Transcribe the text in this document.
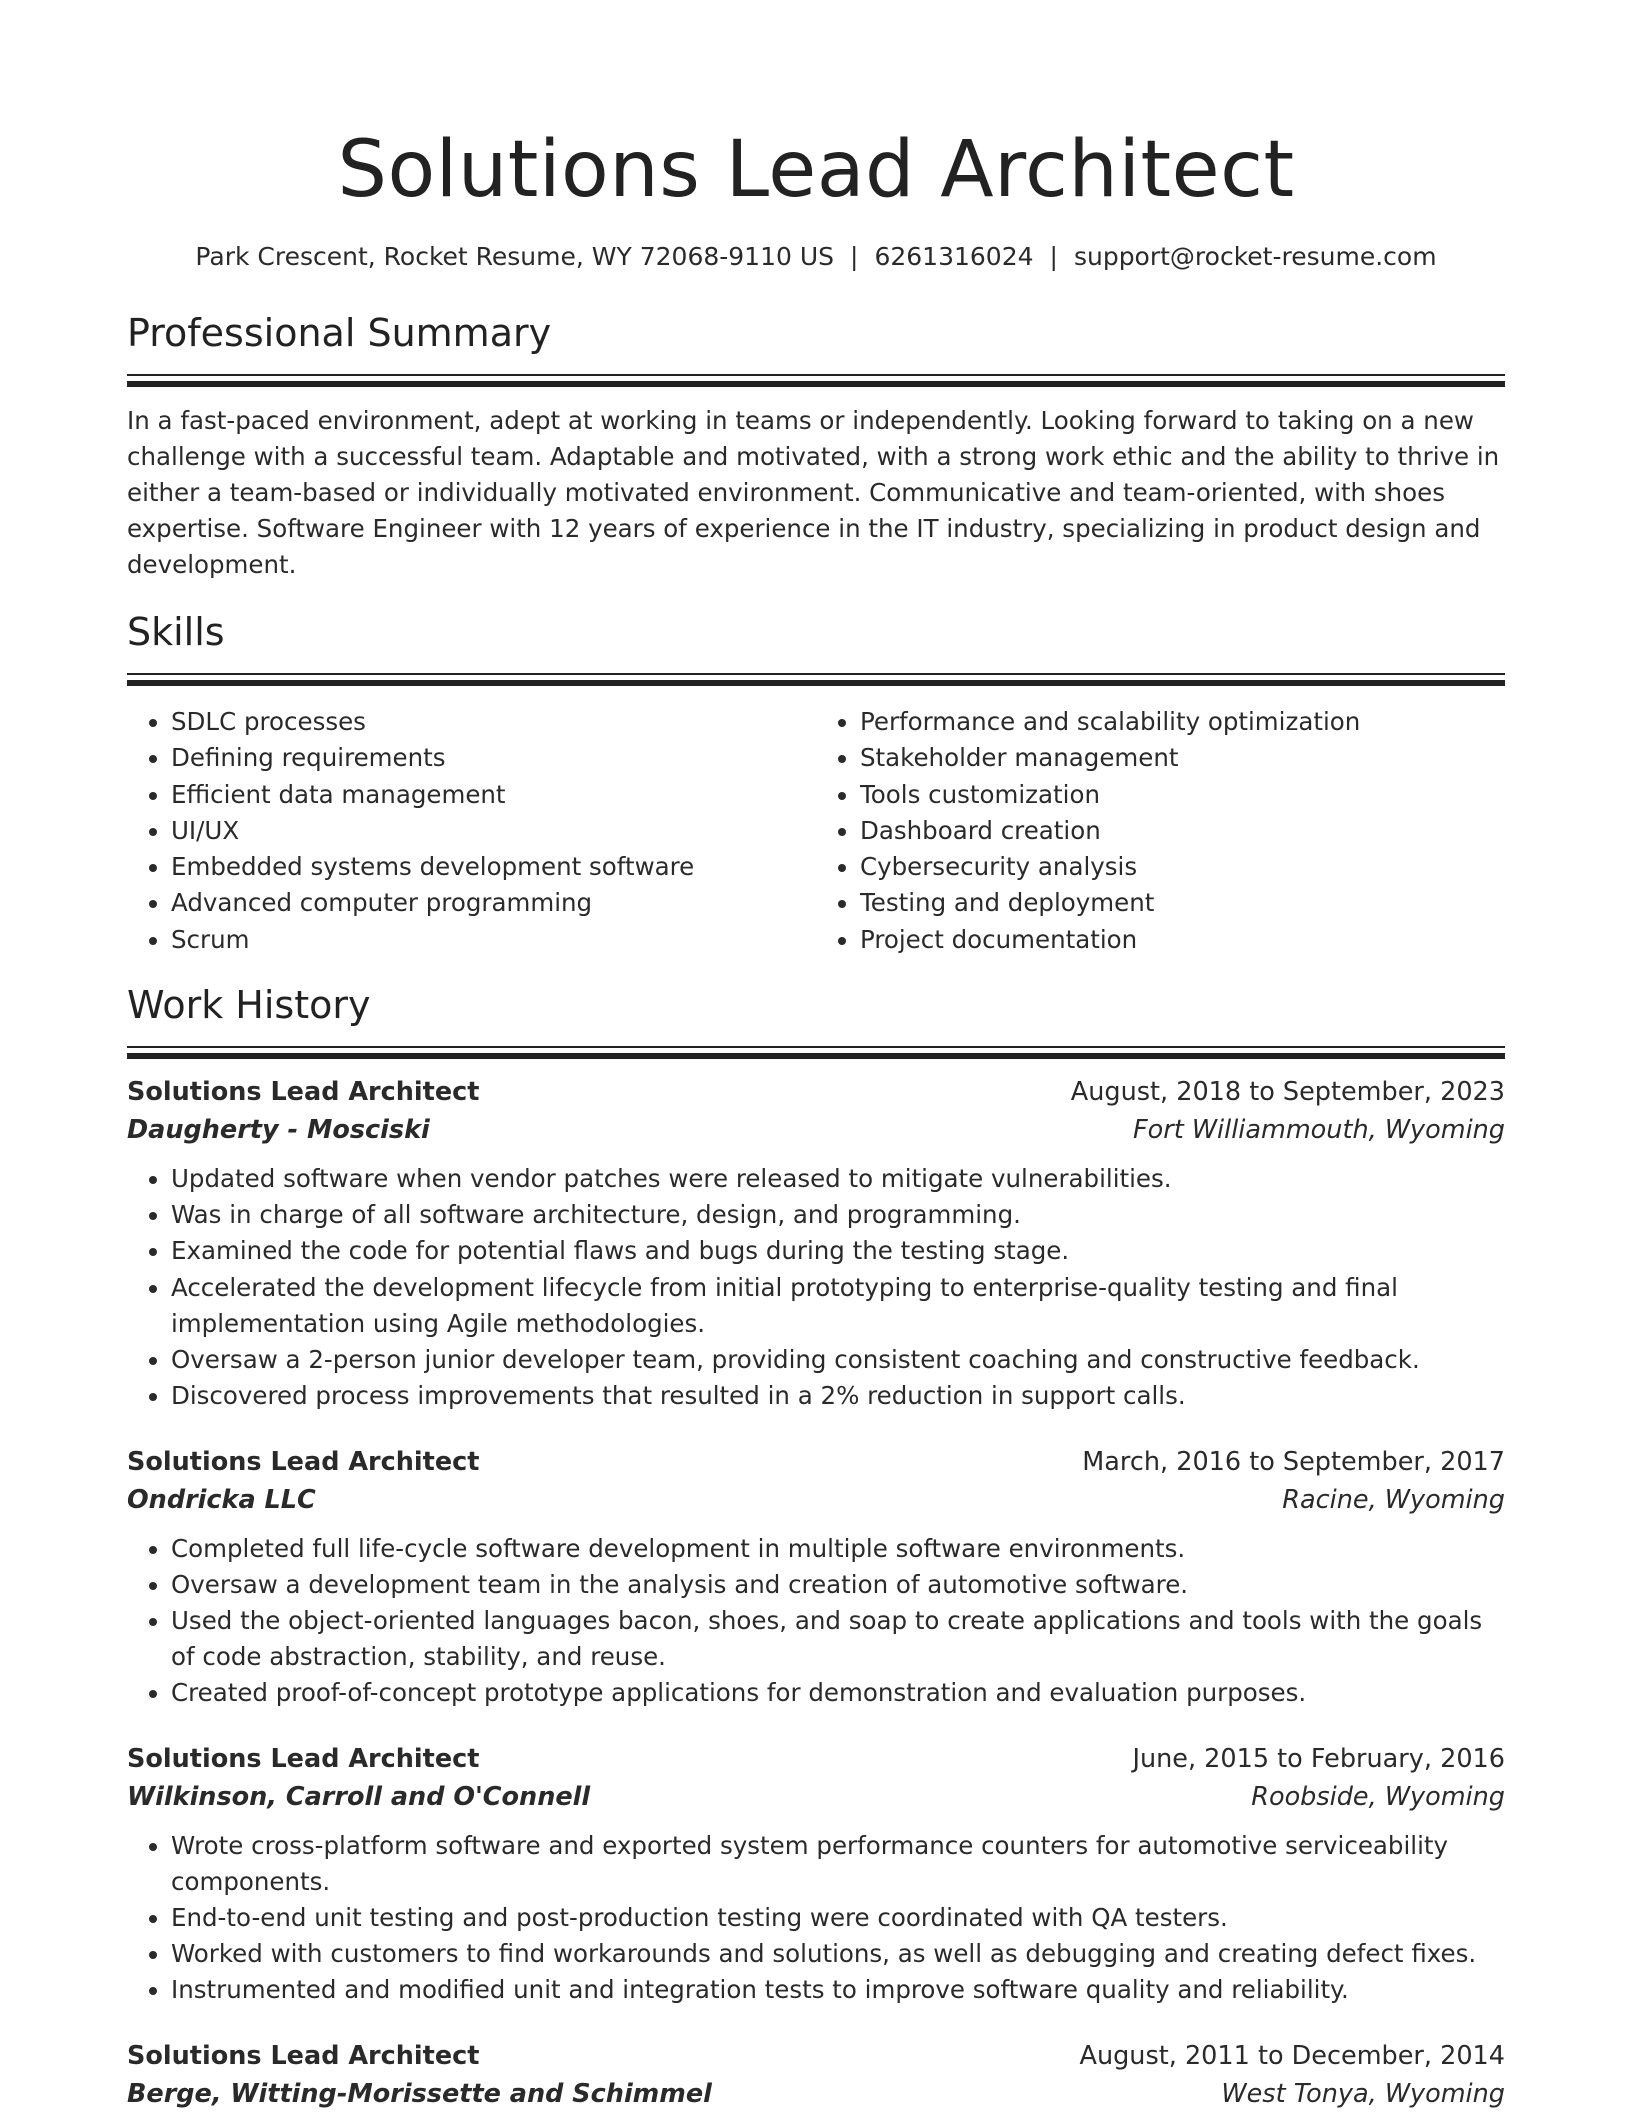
Solutions Lead Architect
Park Crescent, Rocket Resume, WY 72068-9110 US | 6261316024 | support@rocket-resume.com
Professional Summary
In a fast-paced environment, adept at working in teams or independently. Looking forward to taking on a new challenge with a successful team. Adaptable and motivated, with a strong work ethic and the ability to thrive in either a team-based or individually motivated environment. Communicative and team-oriented, with shoes expertise. Software Engineer with 12 years of experience in the IT industry, specializing in product design and development.
Skills
• SDLC processes
• Defining requirements
• Efficient data management
• UI/UX
• Embedded systems development software
• Advanced computer programming
• Scrum
• Performance and scalability optimization
• Stakeholder management
• Tools customization
• Dashboard creation
• Cybersecurity analysis
• Testing and deployment
• Project documentation
Work History
Solutions Lead Architect	August, 2018 to September, 2023
Daugherty - Mosciski	Fort Williammouth, Wyoming
• Updated software when vendor patches were released to mitigate vulnerabilities.
• Was in charge of all software architecture, design, and programming.
• Examined the code for potential flaws and bugs during the testing stage.
• Accelerated the development lifecycle from initial prototyping to enterprise-quality testing and final implementation using Agile methodologies.
• Oversaw a 2-person junior developer team, providing consistent coaching and constructive feedback.
• Discovered process improvements that resulted in a 2% reduction in support calls.
Solutions Lead Architect	March, 2016 to September, 2017
Ondricka LLC	Racine, Wyoming
• Completed full life-cycle software development in multiple software environments.
• Oversaw a development team in the analysis and creation of automotive software.
• Used the object-oriented languages bacon, shoes, and soap to create applications and tools with the goals of code abstraction, stability, and reuse.
• Created proof-of-concept prototype applications for demonstration and evaluation purposes.
Solutions Lead Architect	June, 2015 to February, 2016
Wilkinson, Carroll and O'Connell	Roobside, Wyoming
• Wrote cross-platform software and exported system performance counters for automotive serviceability components.
• End-to-end unit testing and post-production testing were coordinated with QA testers.
• Worked with customers to find workarounds and solutions, as well as debugging and creating defect fixes.
• Instrumented and modified unit and integration tests to improve software quality and reliability.
Solutions Lead Architect	August, 2011 to December, 2014
Berge, Witting-Morissette and Schimmel	West Tonya, Wyoming
